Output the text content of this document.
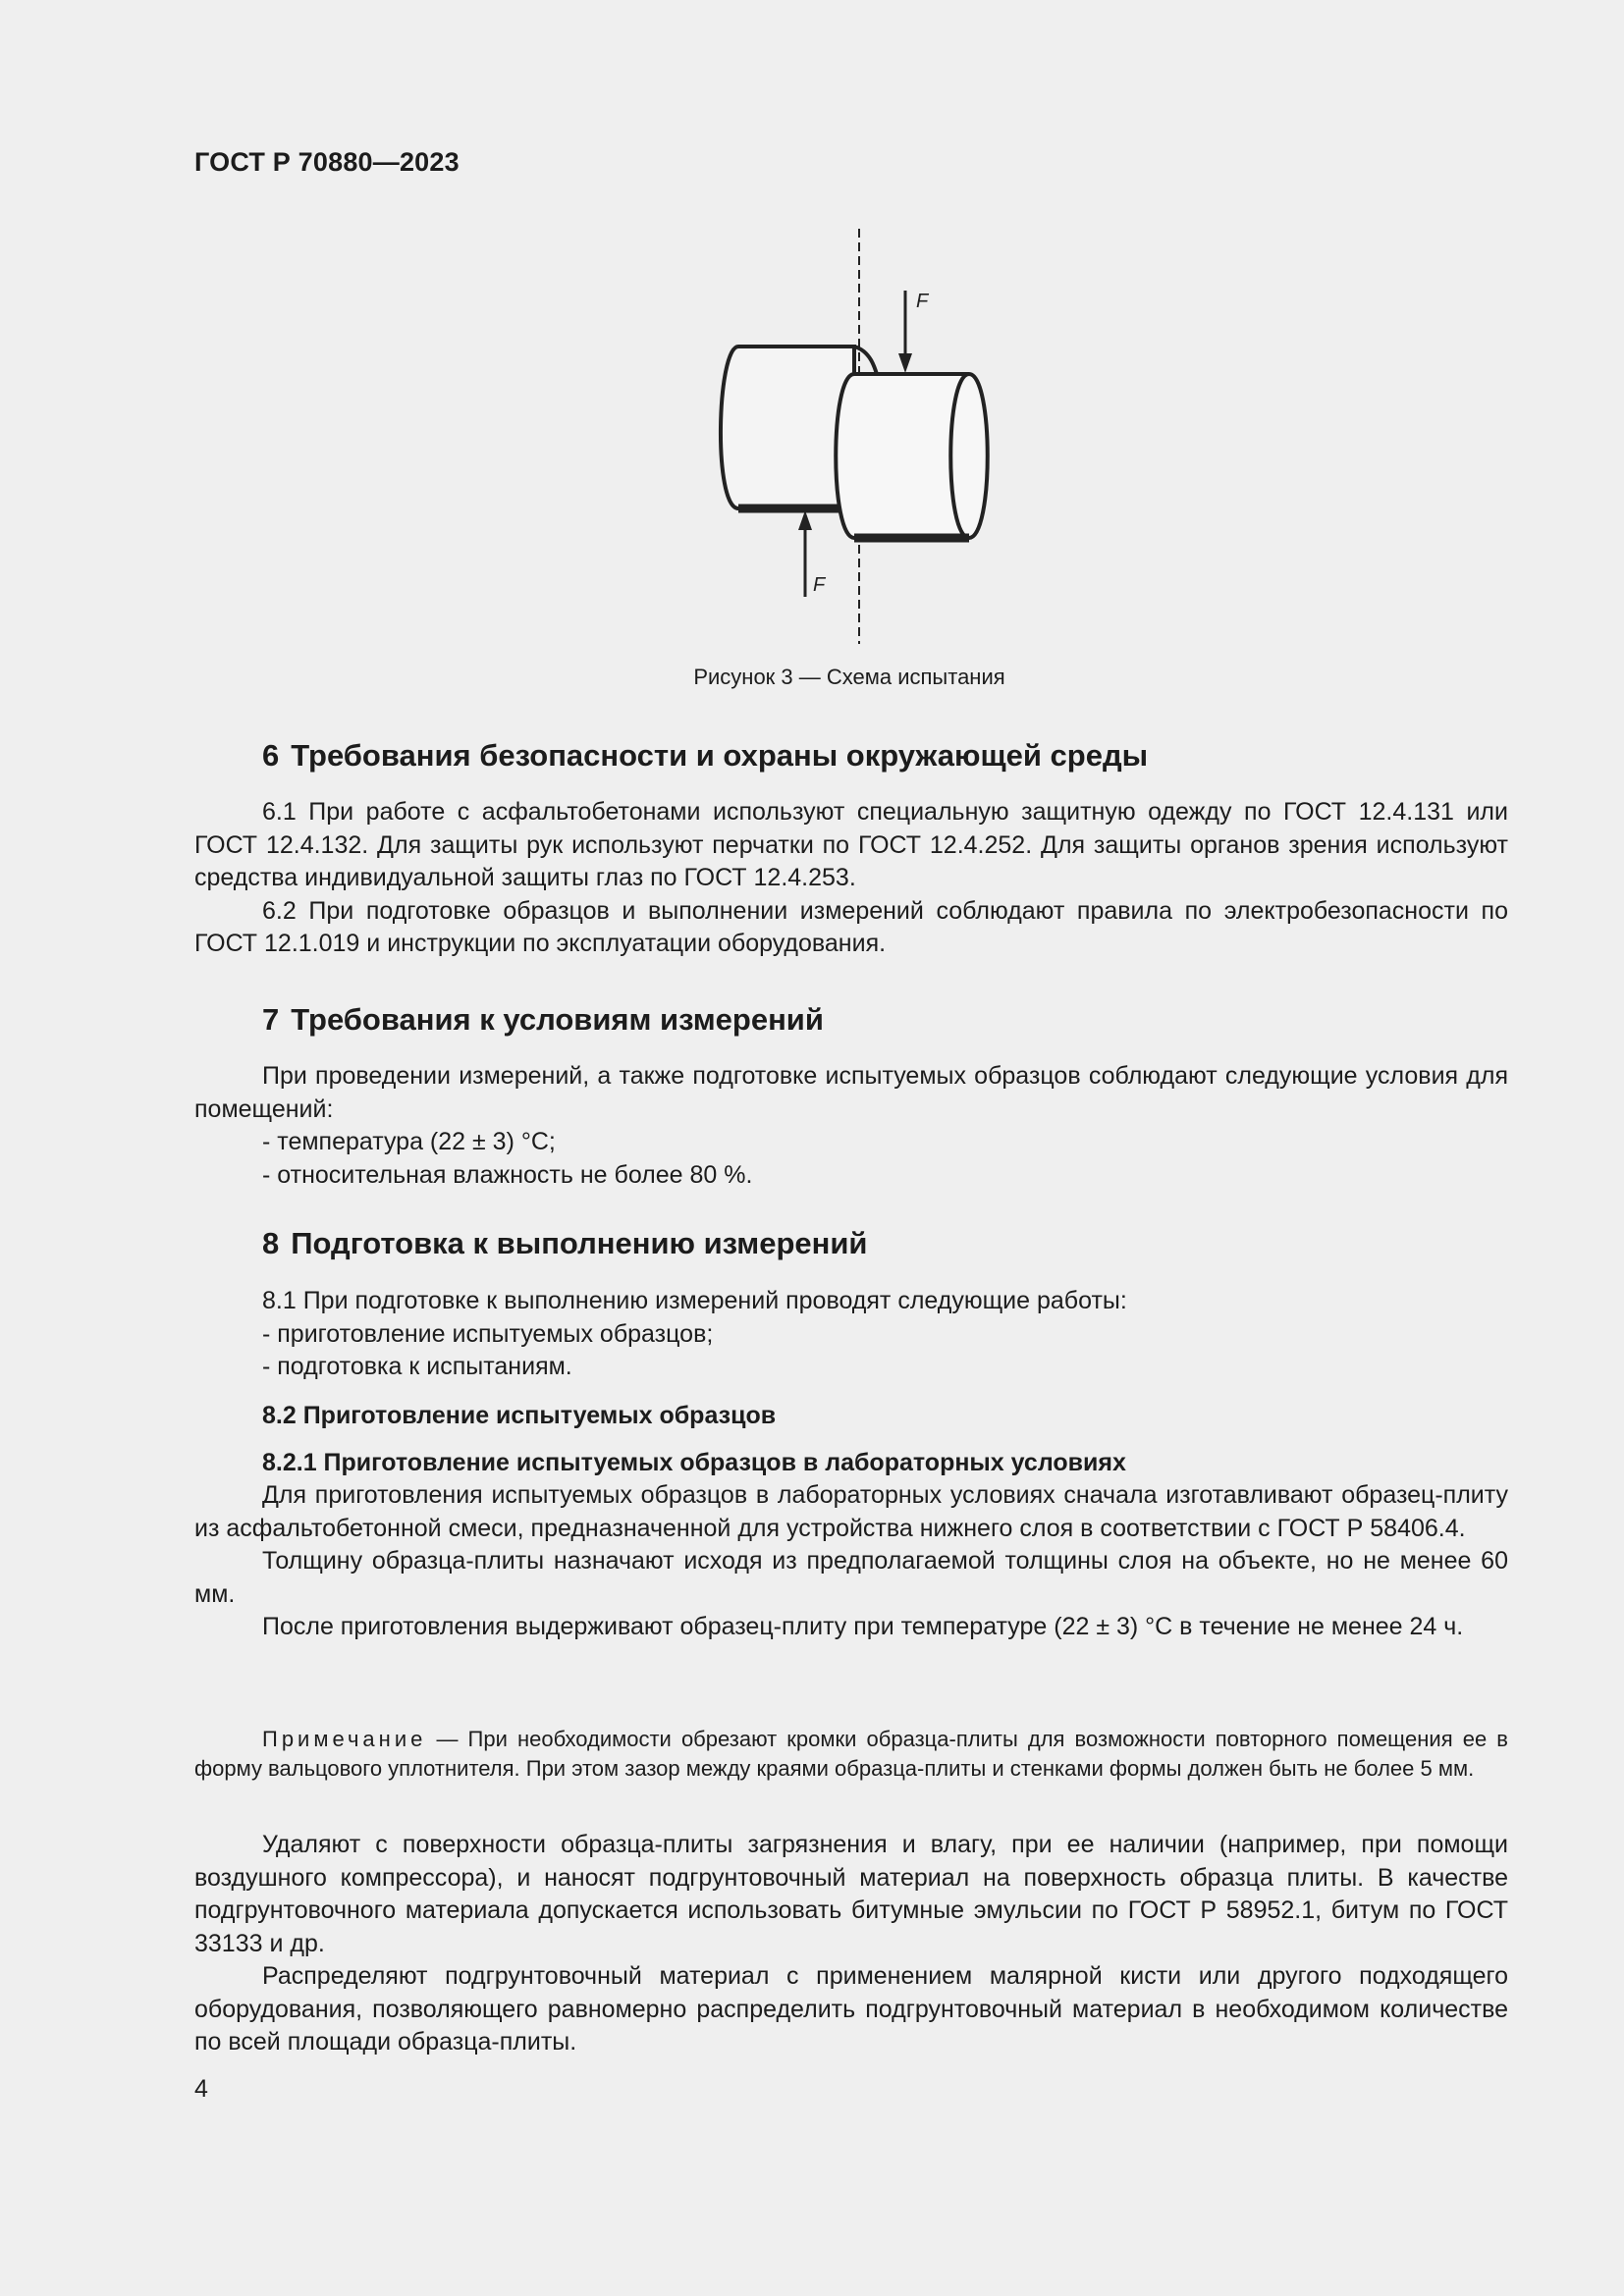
ГОСТ Р 70880—2023
F
F
Рисунок 3 — Схема испытания
6 Требования безопасности и охраны окружающей среды
6.1 При работе с асфальтобетонами используют специальную защитную одежду по ГОСТ 12.4.131 или ГОСТ 12.4.132. Для защиты рук используют перчатки по ГОСТ 12.4.252. Для защиты органов зрения используют средства индивидуальной защиты глаз по ГОСТ 12.4.253.
6.2 При подготовке образцов и выполнении измерений соблюдают правила по электробезопасности по ГОСТ 12.1.019 и инструкции по эксплуатации оборудования.
7 Требования к условиям измерений
При проведении измерений, а также подготовке испытуемых образцов соблюдают следующие условия для помещений:
- температура (22 ± 3) °C;
- относительная влажность не более 80 %.
8 Подготовка к выполнению измерений
8.1 При подготовке к выполнению измерений проводят следующие работы:
- приготовление испытуемых образцов;
- подготовка к испытаниям.
8.2 Приготовление испытуемых образцов
8.2.1 Приготовление испытуемых образцов в лабораторных условиях
Для приготовления испытуемых образцов в лабораторных условиях сначала изготавливают образец-плиту из асфальтобетонной смеси, предназначенной для устройства нижнего слоя в соответствии с ГОСТ Р 58406.4.
Толщину образца-плиты назначают исходя из предполагаемой толщины слоя на объекте, но не менее 60 мм.
После приготовления выдерживают образец-плиту при температуре (22 ± 3) °C в течение не менее 24 ч.
Примечание — При необходимости обрезают кромки образца-плиты для возможности повторного помещения ее в форму вальцового уплотнителя. При этом зазор между краями образца-плиты и стенками формы должен быть не более 5 мм.
Удаляют с поверхности образца-плиты загрязнения и влагу, при ее наличии (например, при помощи воздушного компрессора), и наносят подгрунтовочный материал на поверхность образца плиты. В качестве подгрунтовочного материала допускается использовать битумные эмульсии по ГОСТ Р 58952.1, битум по ГОСТ 33133 и др.
Распределяют подгрунтовочный материал с применением малярной кисти или другого подходящего оборудования, позволяющего равномерно распределить подгрунтовочный материал в необходимом количестве по всей площади образца-плиты.
4
